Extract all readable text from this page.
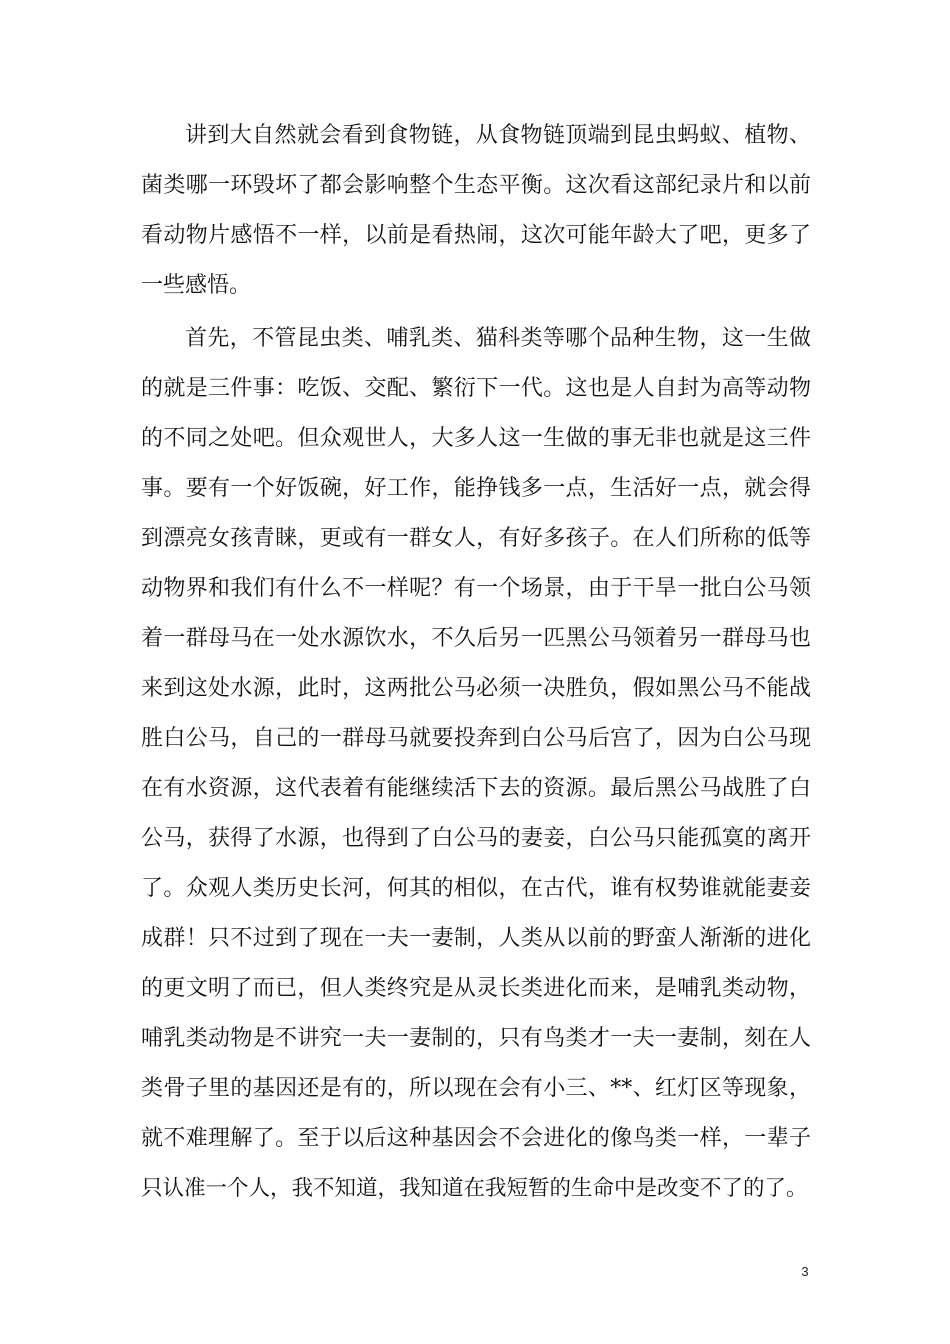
讲到大自然就会看到食物链，从食物链顶端到昆虫蚂蚁、植物、
菌类哪一环毁坏了都会影响整个生态平衡。这次看这部纪录片和以前
看动物片感悟不一样，以前是看热闹，这次可能年龄大了吧，更多了
一些感悟。
首先，不管昆虫类、哺乳类、猫科类等哪个品种生物，这一生做
的就是三件事：吃饭、交配、繁衍下一代。这也是人自封为高等动物
的不同之处吧。但众观世人，大多人这一生做的事无非也就是这三件
事。要有一个好饭碗，好工作，能挣钱多一点，生活好一点，就会得
到漂亮女孩青睐，更或有一群女人，有好多孩子。在人们所称的低等
动物界和我们有什么不一样呢？有一个场景，由于干旱一批白公马领
着一群母马在一处水源饮水，不久后另一匹黑公马领着另一群母马也
来到这处水源，此时，这两批公马必须一决胜负，假如黑公马不能战
胜白公马，自己的一群母马就要投奔到白公马后宫了，因为白公马现
在有水资源，这代表着有能继续活下去的资源。最后黑公马战胜了白
公马，获得了水源，也得到了白公马的妻妾，白公马只能孤寞的离开
了。众观人类历史长河，何其的相似，在古代，谁有权势谁就能妻妾
成群！只不过到了现在一夫一妻制，人类从以前的野蛮人渐渐的进化
的更文明了而已，但人类终究是从灵长类进化而来，是哺乳类动物，
哺乳类动物是不讲究一夫一妻制的，只有鸟类才一夫一妻制，刻在人
类骨子里的基因还是有的，所以现在会有小三、**、红灯区等现象，
就不难理解了。至于以后这种基因会不会进化的像鸟类一样，一辈子
只认准一个人，我不知道，我知道在我短暂的生命中是改变不了的了。
3
